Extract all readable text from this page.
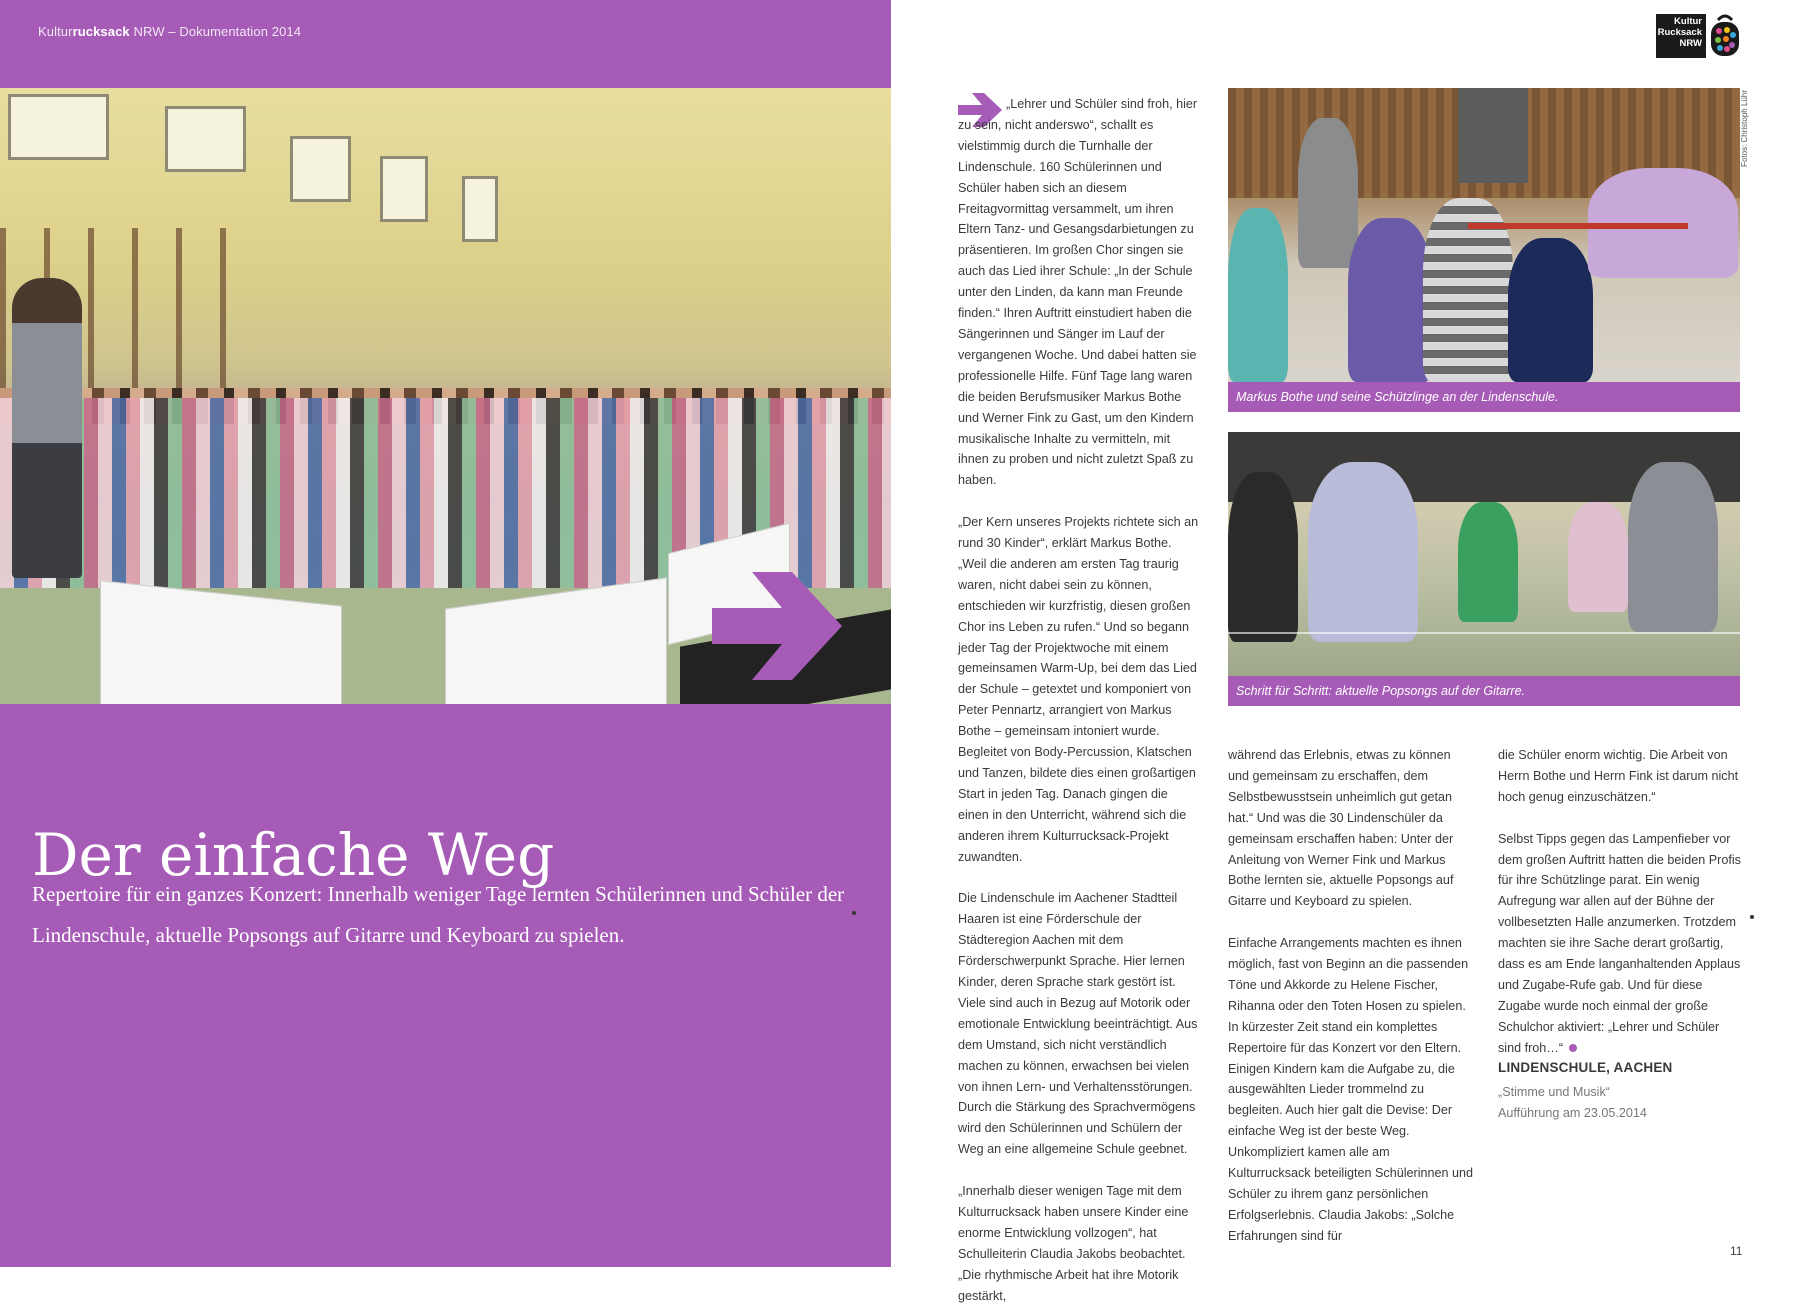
Kulturrucksack NRW – Dokumentation 2014
Der einfache Weg
Repertoire für ein ganzes Konzert: Innerhalb weniger Tage lernten Schülerinnen und Schüler der Lindenschule, aktuelle Popsongs auf Gitarre und Keyboard zu spielen.
Kultur
Rucksack
NRW
Fotos: Christoph Lühr

„Lehrer und Schüler sind froh, hier zu sein, nicht anderswo“, schallt es vielstimmig durch die Turnhalle der Lindenschule. 160 Schülerinnen und Schüler haben sich an diesem Freitagvormittag versammelt, um ihren Eltern Tanz- und Gesangsdarbietungen zu präsentieren. Im großen Chor singen sie auch das Lied ihrer Schule: „In der Schule unter den Linden, da kann man Freunde finden.“ Ihren Auftritt einstudiert haben die Sängerinnen und Sänger im Lauf der vergangenen Woche. Und dabei hatten sie professionelle Hilfe. Fünf Tage lang waren die beiden Berufsmusiker Markus Bothe und Werner Fink zu Gast, um den Kindern musikalische Inhalte zu vermitteln, mit ihnen zu proben und nicht zuletzt Spaß zu haben.

„Der Kern unseres Projekts richtete sich an rund 30 Kinder“, erklärt Markus Bothe. „Weil die anderen am ersten Tag traurig waren, nicht dabei sein zu können, entschieden wir kurzfristig, diesen großen Chor ins Leben zu rufen.“ Und so begann jeder Tag der Projektwoche mit einem gemeinsamen Warm-Up, bei dem das Lied der Schule – getextet und komponiert von Peter Pennartz, arrangiert von Markus Bothe – gemeinsam intoniert wurde. Begleitet von Body-Percussion, Klatschen und Tanzen, bildete dies einen großartigen Start in jeden Tag. Danach gingen die einen in den Unterricht, während sich die anderen ihrem Kulturrucksack-Projekt zuwandten.

Die Lindenschule im Aachener Stadtteil Haaren ist eine Förderschule der Städteregion Aachen mit dem Förderschwerpunkt Sprache. Hier lernen Kinder, deren Sprache stark gestört ist. Viele sind auch in Bezug auf Motorik oder emotionale Entwicklung beeinträchtigt. Aus dem Umstand, sich nicht verständlich machen zu können, erwachsen bei vielen von ihnen Lern- und Verhaltensstörungen. Durch die Stärkung des Sprachvermögens wird den Schülerinnen und Schülern der Weg an eine allgemeine Schule geebnet.

„Innerhalb dieser wenigen Tage mit dem Kulturrucksack haben unsere Kinder eine enorme Entwicklung vollzogen“, hat Schulleiterin Claudia Jakobs beobachtet. „Die rhythmische Arbeit hat ihre Motorik gestärkt,

Markus Bothe und seine Schützlinge an der Lindenschule.
Schritt für Schritt: aktuelle Popsongs auf der Gitarre.

während das Erlebnis, etwas zu können und gemeinsam zu erschaffen, dem Selbstbewusstsein unheimlich gut getan hat.“ Und was die 30 Lindenschüler da gemeinsam erschaffen haben: Unter der Anleitung von Werner Fink und Markus Bothe lernten sie, aktuelle Popsongs auf Gitarre und Keyboard zu spielen.

Einfache Arrangements machten es ihnen möglich, fast von Beginn an die passenden Töne und Akkorde zu Helene Fischer, Rihanna oder den Toten Hosen zu spielen. In kürzester Zeit stand ein komplettes Repertoire für das Konzert vor den Eltern. Einigen Kindern kam die Aufgabe zu, die ausgewählten Lieder trommelnd zu begleiten. Auch hier galt die Devise: Der einfache Weg ist der beste Weg. Unkompliziert kamen alle am Kulturrucksack beteiligten Schülerinnen und Schüler zu ihrem ganz persönlichen Erfolgserlebnis. Claudia Jakobs: „Solche Erfahrungen sind für

die Schüler enorm wichtig. Die Arbeit von Herrn Bothe und Herrn Fink ist darum nicht hoch genug einzuschätzen.“

Selbst Tipps gegen das Lampenfieber vor dem großen Auftritt hatten die beiden Profis für ihre Schützlinge parat. Ein wenig Aufregung war allen auf der Bühne der vollbesetzten Halle anzumerken. Trotzdem machten sie ihre Sache derart großartig, dass es am Ende langanhaltenden Applaus und Zugabe-Rufe gab. Und für diese Zugabe wurde noch einmal der große Schulchor aktiviert: „Lehrer und Schüler sind froh…“

LINDENSCHULE, AACHEN
„Stimme und Musik“
Aufführung am 23.05.2014
11
